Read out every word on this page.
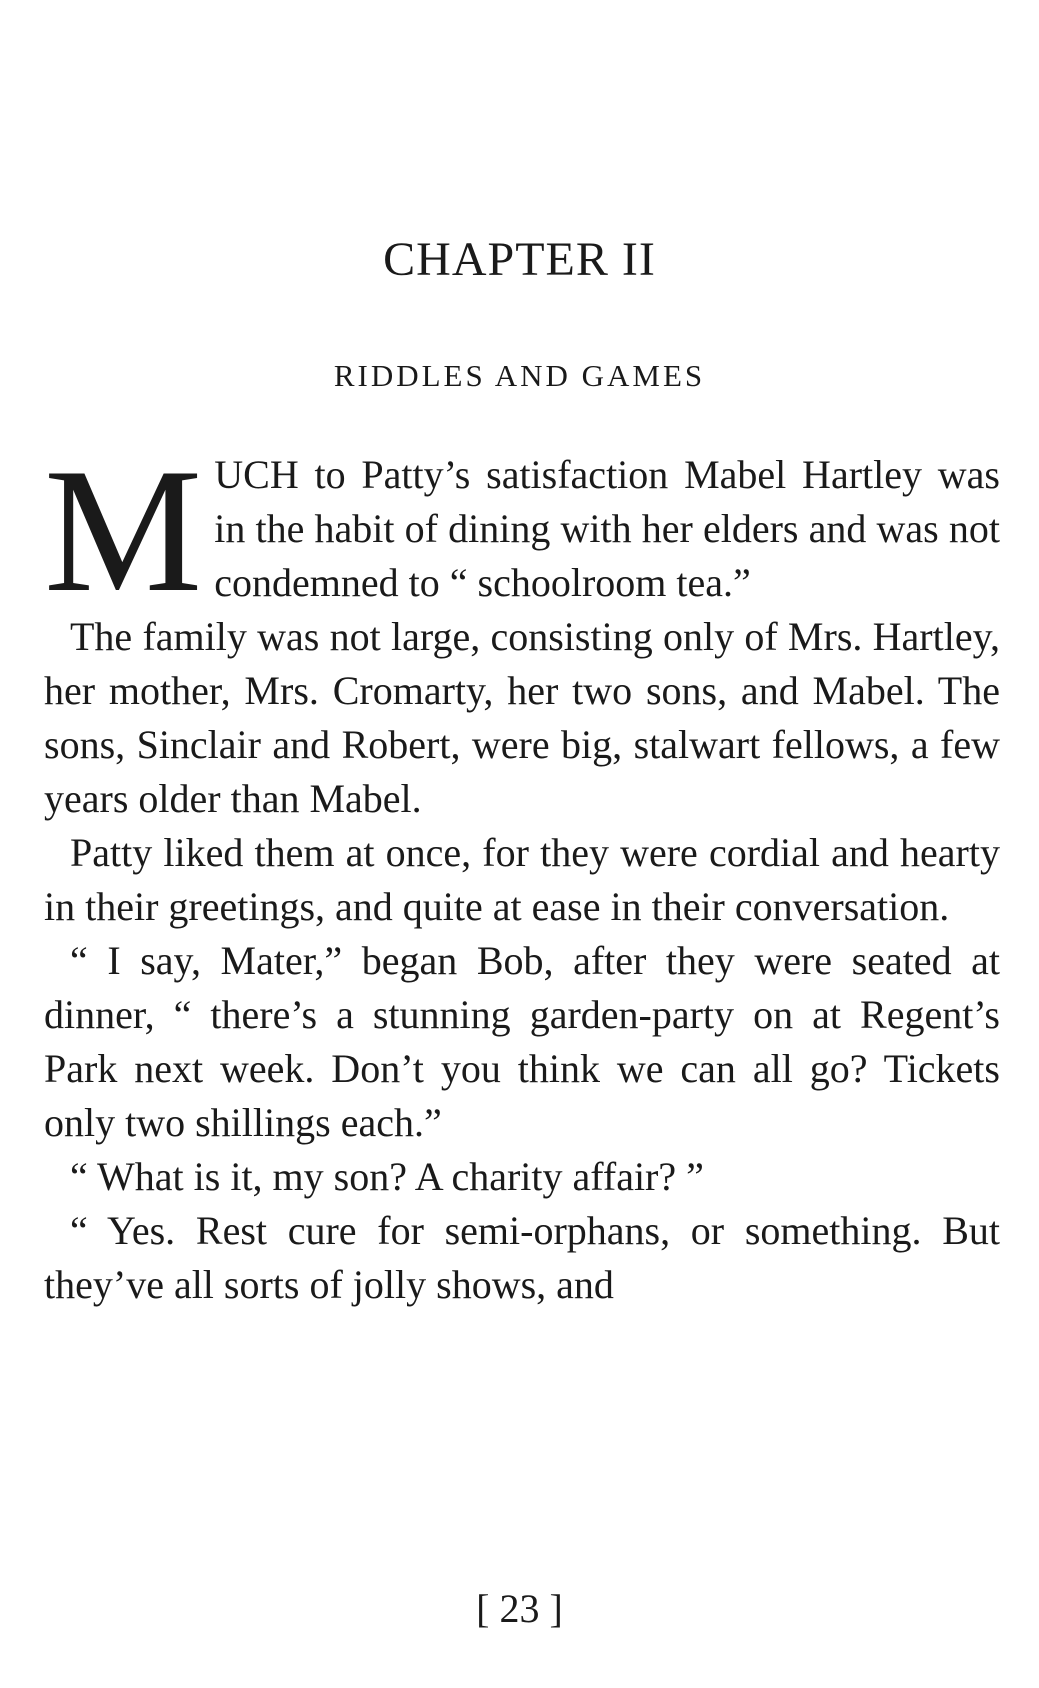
CHAPTER II
RIDDLES AND GAMES

MUCH to Patty’s satisfaction Mabel Hartley was in the habit of dining with her elders and was not condemned to “ schoolroom tea.”

The family was not large, consisting only of Mrs. Hartley, her mother, Mrs. Cromarty, her two sons, and Mabel. The sons, Sinclair and Robert, were big, stalwart fellows, a few years older than Mabel.

Patty liked them at once, for they were cordial and hearty in their greetings, and quite at ease in their conversation.

“ I say, Mater,” began Bob, after they were seated at dinner, “ there’s a stunning garden-party on at Regent’s Park next week. Don’t you think we can all go? Tickets only two shillings each.”

“ What is it, my son? A charity affair? ”

“ Yes. Rest cure for semi-orphans, or something. But they’ve all sorts of jolly shows, and

[ 23 ]
